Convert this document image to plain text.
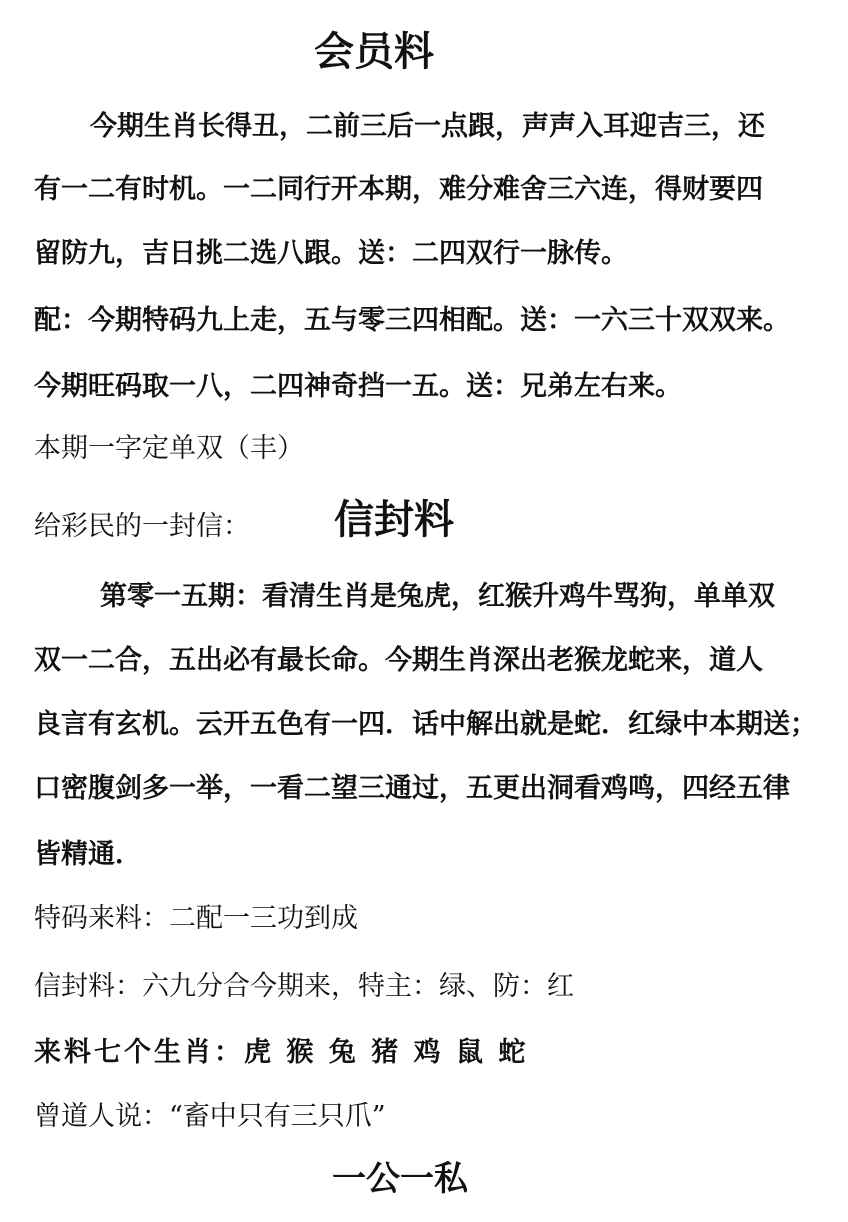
会员料
今期生肖长得丑，二前三后一点跟，声声入耳迎吉三，还
有一二有时机。一二同行开本期，难分难舍三六连，得财要四
留防九，吉日挑二选八跟。送：二四双行一脉传。
配：今期特码九上走，五与零三四相配。送：一六三十双双来。
今期旺码取一八，二四神奇挡一五。送：兄弟左右来。
本期一字定单双（丰）
给彩民的一封信： 信封料
第零一五期：看清生肖是兔虎，红猴升鸡牛骂狗，单单双
双一二合，五出必有最长命。今期生肖深出老猴龙蛇来，道人
良言有玄机。云开五色有一四．话中解出就是蛇．红绿中本期送；
口密腹剑多一举，一看二望三通过，五更出洞看鸡鸣，四经五律
皆精通．
特码来料：二配一三功到成
信封料：六九分合今期来，特主：绿、防：红
来料七个生肖：虎 猴 兔 猪 鸡 鼠 蛇
曾道人说：“畜中只有三只爪”
一公一私
